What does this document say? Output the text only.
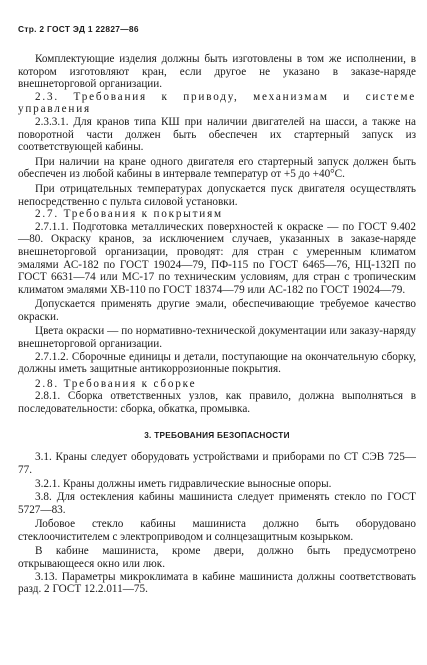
Стр. 2 ГОСТ ЭД 1 22827—86

Комплектующие изделия должны быть изготовлены в том же исполнении, в котором изготовляют кран, если другое не указано в заказе-наряде внешнеторговой организации.

2.3. Требования к приводу, механизмам и системе управления

2.3.3.1. Для кранов типа КШ при наличии двигателей на шасси, а также на поворотной части должен быть обеспечен их стартерный запуск из соответствующей кабины.

При наличии на кране одного двигателя его стартерный запуск должен быть обеспечен из любой кабины в интервале температур от +5 до +40°С.

При отрицательных температурах допускается пуск двигателя осуществлять непосредственно с пульта силовой установки.

2.7. Требования к покрытиям

2.7.1.1. Подготовка металлических поверхностей к окраске — по ГОСТ 9.402—80. Окраску кранов, за исключением случаев, указанных в заказе-наряде внешнеторговой организации, проводят: для стран с умеренным климатом эмалями АС-182 по ГОСТ 19024—79, ПФ-115 по ГОСТ 6465—76, НЦ-132П по ГОСТ 6631—74 или МС-17 по техническим условиям, для стран с тропическим климатом эмалями ХВ-110 по ГОСТ 18374—79 или АС-182 по ГОСТ 19024—79.

Допускается применять другие эмали, обеспечивающие требуемое качество окраски.

Цвета окраски — по нормативно-технической документации или заказу-наряду внешнеторговой организации.

2.7.1.2. Сборочные единицы и детали, поступающие на окончательную сборку, должны иметь защитные антикоррозионные покрытия.

2.8. Требования к сборке

2.8.1. Сборка ответственных узлов, как правило, должна выполняться в последовательности: сборка, обкатка, промывка.

3. ТРЕБОВАНИЯ БЕЗОПАСНОСТИ

3.1. Краны следует оборудовать устройствами и приборами по СТ СЭВ 725—77.

3.2.1. Краны должны иметь гидравлические выносные опоры.

3.8. Для остекления кабины машиниста следует применять стекло по ГОСТ 5727—83.

Лобовое стекло кабины машиниста должно быть оборудовано стеклоочистителем с электроприводом и солнцезащитным козырьком.

В кабине машиниста, кроме двери, должно быть предусмотрено открывающееся окно или люк.

3.13. Параметры микроклимата в кабине машиниста должны соответствовать разд. 2 ГОСТ 12.2.011—75.
